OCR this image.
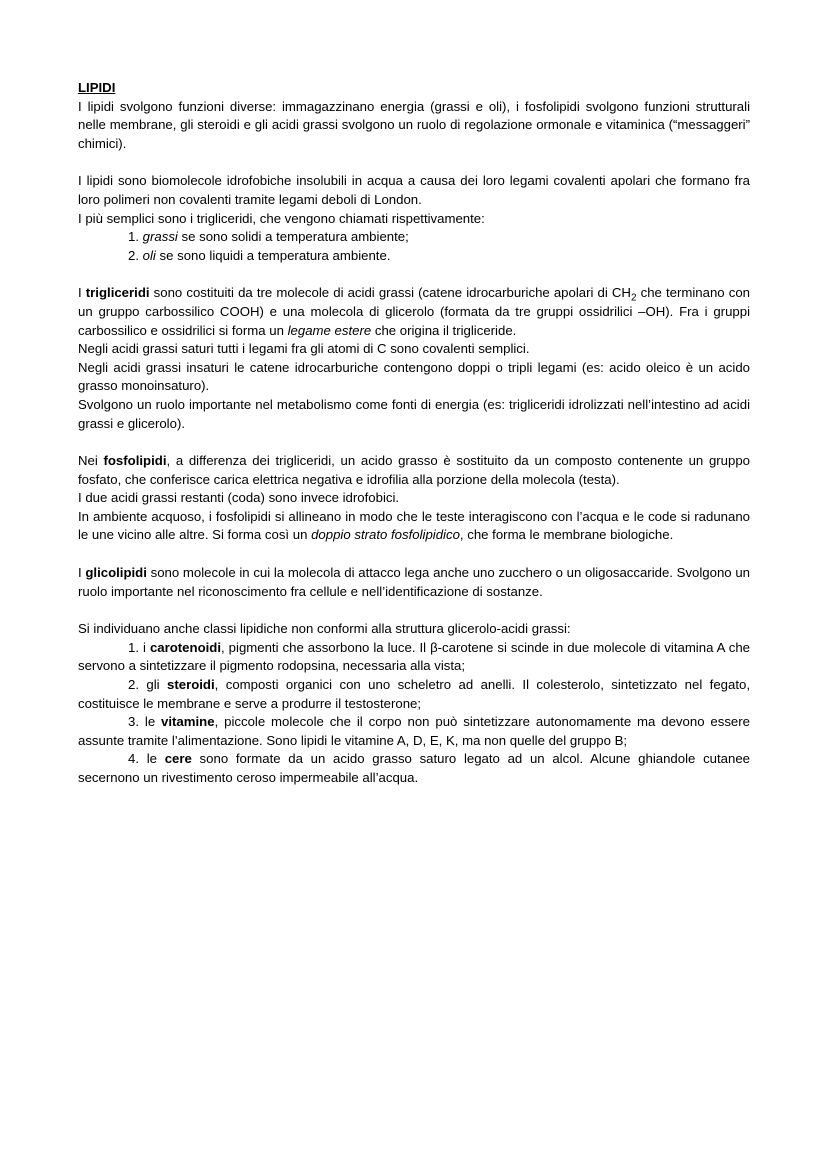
LIPIDI

I lipidi svolgono funzioni diverse: immagazzinano energia (grassi e oli), i fosfolipidi svolgono funzioni strutturali nelle membrane, gli steroidi e gli acidi grassi svolgono un ruolo di regolazione ormonale e vitaminica (“messaggeri” chimici).

I lipidi sono biomolecole idrofobiche insolubili in acqua a causa dei loro legami covalenti apolari che formano fra loro polimeri non covalenti tramite legami deboli di London.

I più semplici sono i trigliceridi, che vengono chiamati rispettivamente:

1. grassi se sono solidi a temperatura ambiente;

2. oli se sono liquidi a temperatura ambiente.

I trigliceridi sono costituiti da tre molecole di acidi grassi (catene idrocarburiche apolari di $CH_2$ che terminano con un gruppo carbossilico COOH) e una molecola di glicerolo (formata da tre gruppi ossidrilici –OH). Fra i gruppi carbossilico e ossidrilici si forma un legame estere che origina il trigliceride.

Negli acidi grassi saturi tutti i legami fra gli atomi di C sono covalenti semplici.

Negli acidi grassi insaturi le catene idrocarburiche contengono doppi o tripli legami (es: acido oleico è un acido grasso monoinsaturo).

Svolgono un ruolo importante nel metabolismo come fonti di energia (es: trigliceridi idrolizzati nell’intestino ad acidi grassi e glicerolo).

Nei fosfolipidi, a differenza dei trigliceridi, un acido grasso è sostituito da un composto contenente un gruppo fosfato, che conferisce carica elettrica negativa e idrofilia alla porzione della molecola (testa).

I due acidi grassi restanti (coda) sono invece idrofobici.

In ambiente acquoso, i fosfolipidi si allineano in modo che le teste interagiscono con l’acqua e le code si radunano le une vicino alle altre. Si forma così un doppio strato fosfolipidico, che forma le membrane biologiche.

I glicolipidi sono molecole in cui la molecola di attacco lega anche uno zucchero o un oligosaccaride. Svolgono un ruolo importante nel riconoscimento fra cellule e nell’identificazione di sostanze.

Si individuano anche classi lipidiche non conformi alla struttura glicerolo-acidi grassi:

1. i carotenoidi, pigmenti che assorbono la luce. Il β-carotene si scinde in due molecole di vitamina A che servono a sintetizzare il pigmento rodopsina, necessaria alla vista;

2. gli steroidi, composti organici con uno scheletro ad anelli. Il colesterolo, sintetizzato nel fegato, costituisce le membrane e serve a produrre il testosterone;

3. le vitamine, piccole molecole che il corpo non può sintetizzare autonomamente ma devono essere assunte tramite l’alimentazione. Sono lipidi le vitamine A, D, E, K, ma non quelle del gruppo B;

4. le cere sono formate da un acido grasso saturo legato ad un alcol. Alcune ghiandole cutanee secernono un rivestimento ceroso impermeabile all’acqua.
